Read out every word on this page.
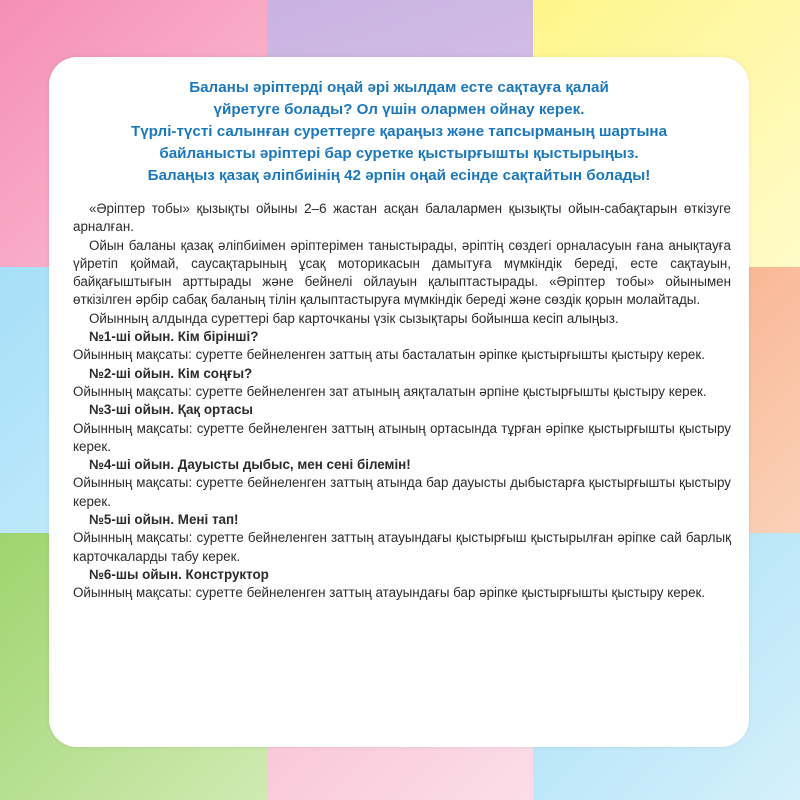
Баланы әріптерді оңай әрі жылдам есте сақтауға қалай
үйретуге болады? Ол үшін олармен ойнау керек.
Түрлі-түсті салынған суреттерге қараңыз және тапсырманың шартына
байланысты әріптері бар суретке қыстырғышты қыстырыңыз.
Балаңыз қазақ әліпбиінің 42 әрпін оңай есінде сақтайтын болады!
«Әріптер тобы» қызықты ойыны 2–6 жастан асқан балалармен қызықты ойын-сабақтарын өткізуге арналған.
Ойын баланы қазақ әліпбиімен әріптерімен таныстырады, әріптің сөздегі орналасуын ғана анықтауға үйретіп қоймай, саусақтарының ұсақ моторикасын дамытуға мүмкіндік береді, есте сақтауын, байқағыштығын арттырады және бейнелі ойлауын қалыптастырады. «Әріптер тобы» ойынымен өткізілген әрбір сабақ баланың тілін қалыптастыруға мүмкіндік береді және сөздік қорын молайтады.
Ойынның алдында суреттері бар карточканы үзік сызықтары бойынша кесіп алыңыз.
№1-ші ойын. Кім бірінші?
Ойынның мақсаты: суретте бейнеленген заттың аты басталатын әріпке қыстырғышты қыстыру керек.
№2-ші ойын. Кім соңғы?
Ойынның мақсаты: суретте бейнеленген зат атының аяқталатын әрпіне қыстырғышты қыстыру керек.
№3-ші ойын. Қақ ортасы
Ойынның мақсаты: суретте бейнеленген заттың атының ортасында тұрған әріпке қыстырғышты қыстыру керек.
№4-ші ойын. Дауысты дыбыс, мен сені білемін!
Ойынның мақсаты: суретте бейнеленген заттың атында бар дауысты дыбыстарға қыстырғышты қыстыру керек.
№5-ші ойын. Мені тап!
Ойынның мақсаты: суретте бейнеленген заттың атауындағы қыстырғыш қыстырылған әріпке сай барлық карточкаларды табу керек.
№6-шы ойын. Конструктор
Ойынның мақсаты: суретте бейнеленген заттың атауындағы бар әріпке қыстырғышты қыстыру керек.
